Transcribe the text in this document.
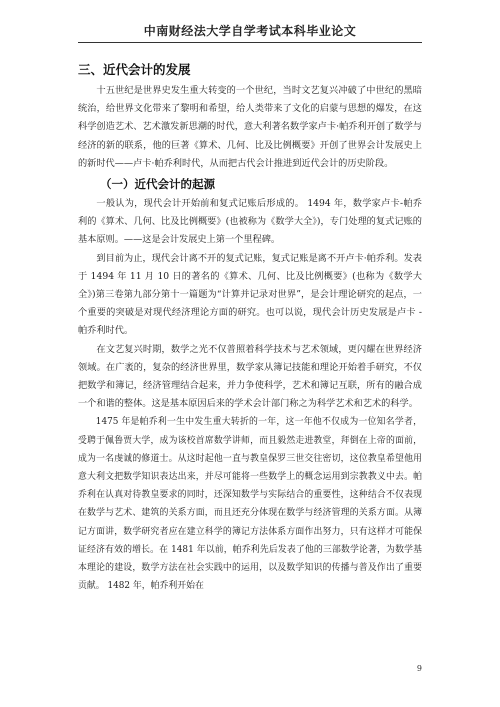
中南财经法大学自学考试本科毕业论文
三、近代会计的发展

十五世纪是世界史发生重大转变的一个世纪，当时文艺复兴冲破了中世纪的黑暗统治，给世界文化带来了黎明和希望，给人类带来了文化的启蒙与思想的爆发，在这科学创造艺术、艺术激发新思潮的时代，意大利著名数学家卢卡·帕乔利开创了数学与经济的新的联系，他的巨著《算术、几何、比及比例概要》开创了世界会计发展史上的新时代——卢卡·帕乔利时代，从而把古代会计推进到近代会计的历史阶段。

（一）近代会计的起源

一般认为，现代会计开始前和复式记账后形成的。 1494 年，数学家卢卡-帕乔利的《算术、几何、比及比例概要》(也被称为《数学大全》)，专门处理的复式记账的基本原则。——这是会计发展史上第一个里程碑。

到目前为止，现代会计离不开的复式记账，复式记账是离不开卢卡·帕乔利。发表于 1494 年 11 月 10 日的著名的《算术、几何、比及比例概要》(也称为《数学大全》)第三卷第九部分第十一篇题为“计算并记录对世界”，是会计理论研究的起点，一个重要的突破是对现代经济理论方面的研究。也可以说，现代会计历史发展是卢卡 - 帕乔利时代。

在文艺复兴时期，数学之光不仅普照着科学技术与艺术领域，更闪耀在世界经济领域。在广袤的，复杂的经济世界里，数学家从簿记技能和理论开始着手研究，不仅把数学和簿记，经济管理结合起来，并力争使科学，艺术和簿记互联，所有的融合成一个和谐的整体。这是基本原因后来的学术会计部门称之为科学艺术和艺术的科学。

1475 年是帕乔利一生中发生重大转折的一年，这一年他不仅成为一位知名学者，受聘于佩鲁贾大学，成为该校首席数学讲师，而且毅然走进教堂，拜倒在上帝的面前，成为一名虔诚的修道士。从这时起他一直与教皇保罗三世交往密切，这位教皇希望他用意大利文把数学知识表达出来，并尽可能将一些数学上的概念运用到宗教教义中去。帕乔利在认真对待教皇要求的同时，还深知数学与实际结合的重要性，这种结合不仅表现在数学与艺术、建筑的关系方面，而且还充分体现在数学与经济管理的关系方面。从簿记方面讲，数学研究者应在建立科学的簿记方法体系方面作出努力，只有这样才可能保证经济有效的增长。在 1481 年以前，帕乔利先后发表了他的三部数学论著，为数学基本理论的建设，数学方法在社会实践中的运用，以及数学知识的传播与普及作出了重要贡献。 1482 年，帕乔利开始在

9
